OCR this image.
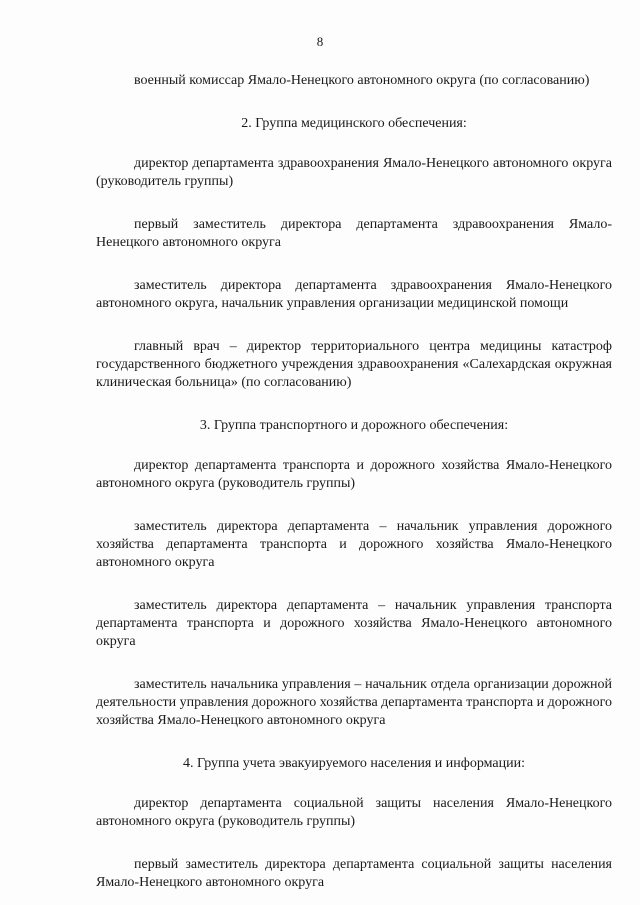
8

военный комиссар Ямало-Ненецкого автономного округа (по согласованию)

2. Группа медицинского обеспечения:

директор департамента здравоохранения Ямало-Ненецкого автономного округа (руководитель группы)

первый заместитель директора департамента здравоохранения Ямало-Ненецкого автономного округа

заместитель директора департамента здравоохранения Ямало-Ненецкого автономного округа, начальник управления организации медицинской помощи

главный врач – директор территориального центра медицины катастроф государственного бюджетного учреждения здравоохранения «Салехардская окружная клиническая больница» (по согласованию)

3. Группа транспортного и дорожного обеспечения:

директор департамента транспорта и дорожного хозяйства Ямало-Ненецкого автономного округа (руководитель группы)

заместитель директора департамента – начальник управления дорожного хозяйства департамента транспорта и дорожного хозяйства Ямало-Ненецкого автономного округа

заместитель директора департамента – начальник управления транспорта департамента транспорта и дорожного хозяйства Ямало-Ненецкого автономного округа

заместитель начальника управления – начальник отдела организации дорожной деятельности управления дорожного хозяйства департамента транспорта и дорожного хозяйства Ямало-Ненецкого автономного округа

4. Группа учета эвакуируемого населения и информации:

директор департамента социальной защиты населения Ямало-Ненецкого автономного округа (руководитель группы)

первый заместитель директора департамента социальной защиты населения Ямало-Ненецкого автономного округа
